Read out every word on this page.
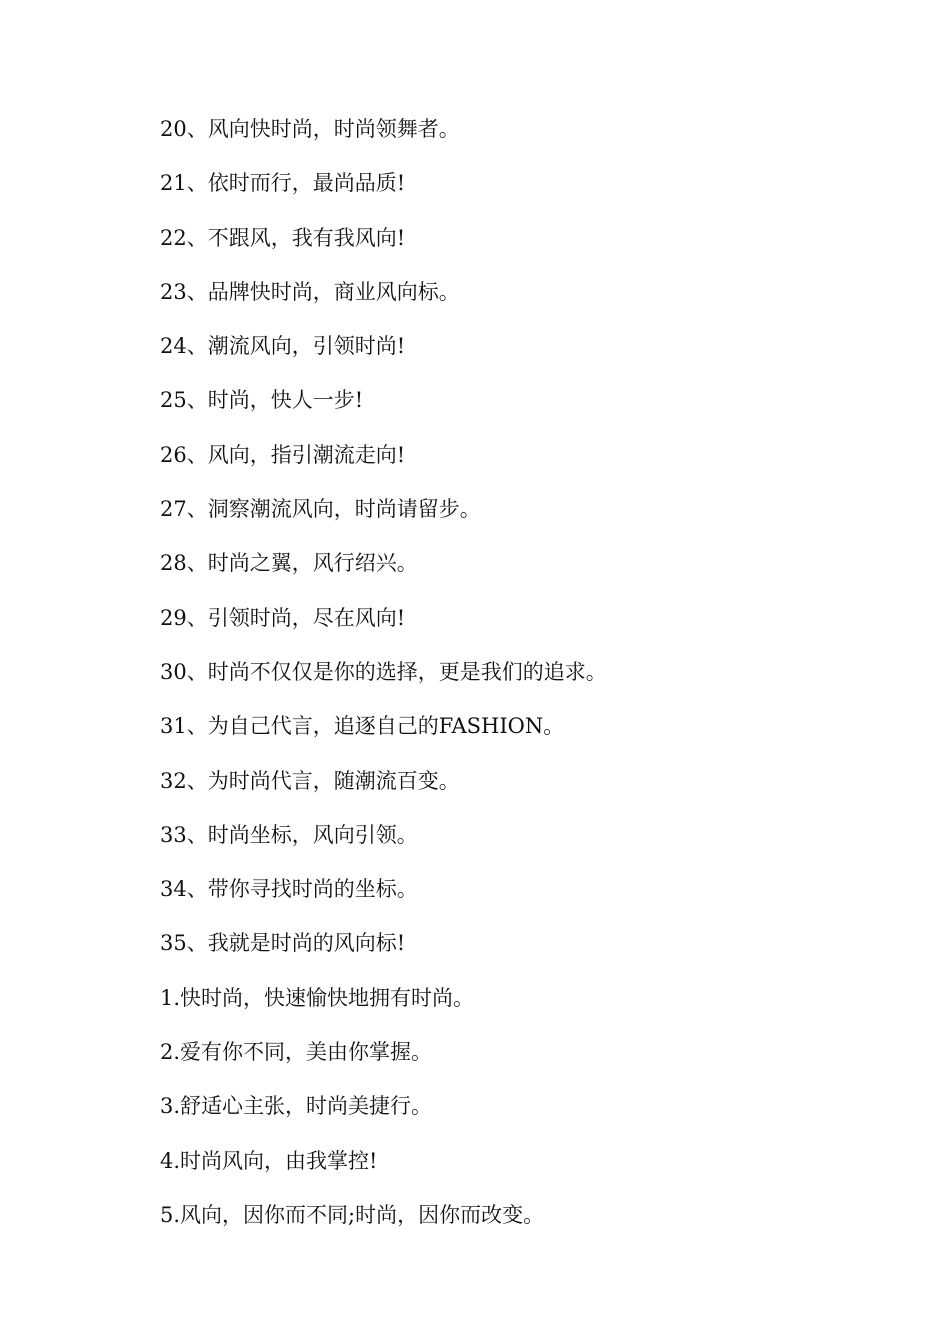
20、风向快时尚，时尚领舞者。
21、依时而行，最尚品质!
22、不跟风，我有我风向!
23、品牌快时尚，商业风向标。
24、潮流风向，引领时尚!
25、时尚，快人一步!
26、风向，指引潮流走向!
27、洞察潮流风向，时尚请留步。
28、时尚之翼，风行绍兴。
29、引领时尚，尽在风向!
30、时尚不仅仅是你的选择，更是我们的追求。
31、为自己代言，追逐自己的FASHION。
32、为时尚代言，随潮流百变。
33、时尚坐标，风向引领。
34、带你寻找时尚的坐标。
35、我就是时尚的风向标!
1.快时尚，快速愉快地拥有时尚。
2.爱有你不同，美由你掌握。
3.舒适心主张，时尚美捷行。
4.时尚风向，由我掌控!
5.风向，因你而不同;时尚，因你而改变。
